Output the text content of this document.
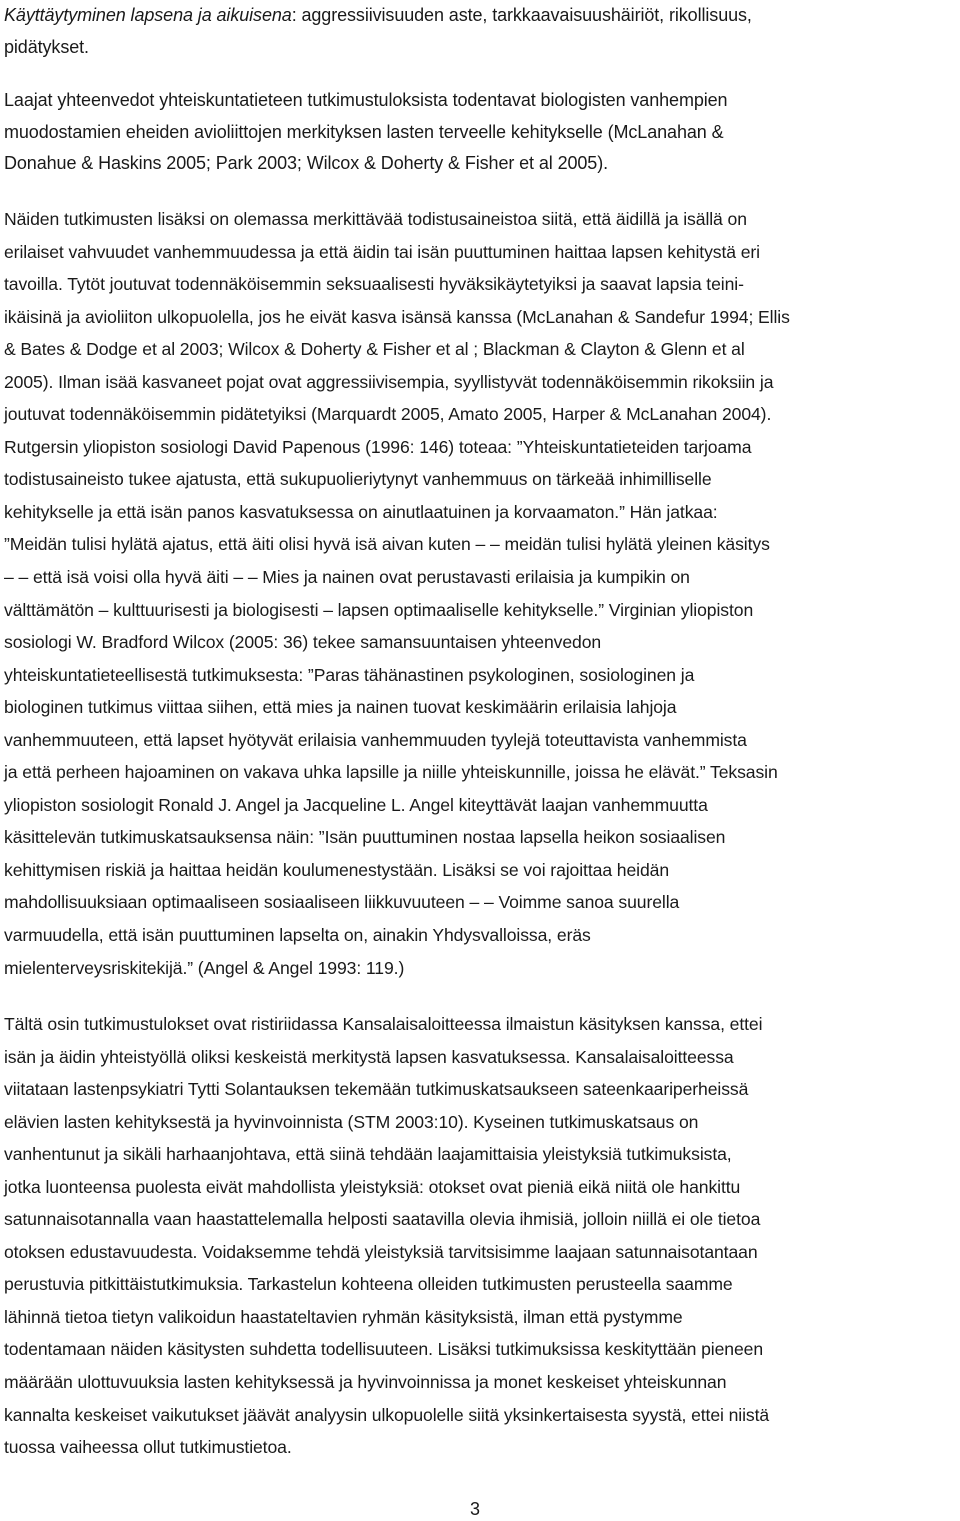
Käyttäytyminen lapsena ja aikuisena: aggressiivisuuden aste, tarkkaavaisuushäiriöt, rikollisuus,
pidätykset.
Laajat yhteenvedot yhteiskuntatieteen tutkimustuloksista todentavat biologisten vanhempien
muodostamien eheiden avioliittojen merkityksen lasten terveelle kehitykselle (McLanahan &
Donahue & Haskins 2005; Park 2003; Wilcox & Doherty & Fisher et al 2005).
Näiden tutkimusten lisäksi on olemassa merkittävää todistusaineistoa siitä, että äidillä ja isällä on
erilaiset vahvuudet vanhemmuudessa ja että äidin tai isän puuttuminen haittaa lapsen kehitystä eri
tavoilla. Tytöt joutuvat todennäköisemmin seksuaalisesti hyväksikäytetyiksi ja saavat lapsia teini-
ikäisinä ja avioliiton ulkopuolella, jos he eivät kasva isänsä kanssa (McLanahan & Sandefur 1994; Ellis
& Bates & Dodge et al 2003; Wilcox & Doherty & Fisher et al ; Blackman & Clayton & Glenn et al
2005). Ilman isää kasvaneet pojat ovat aggressiivisempia, syyllistyvät todennäköisemmin rikoksiin ja
joutuvat todennäköisemmin pidätetyiksi (Marquardt 2005, Amato 2005, Harper & McLanahan 2004).
Rutgersin yliopiston sosiologi David Papenous (1996: 146) toteaa: ”Yhteiskuntatieteiden tarjoama
todistusaineisto tukee ajatusta, että sukupuolieriytynyt vanhemmuus on tärkeää inhimilliselle
kehitykselle ja että isän panos kasvatuksessa on ainutlaatuinen ja korvaamaton.” Hän jatkaa:
”Meidän tulisi hylätä ajatus, että äiti olisi hyvä isä aivan kuten – – meidän tulisi hylätä yleinen käsitys
– – että isä voisi olla hyvä äiti – – Mies ja nainen ovat perustavasti erilaisia ja kumpikin on
välttämätön – kulttuurisesti ja biologisesti – lapsen optimaaliselle kehitykselle.” Virginian yliopiston
sosiologi W. Bradford Wilcox (2005: 36) tekee samansuuntaisen yhteenvedon
yhteiskuntatieteellisestä tutkimuksesta: ”Paras tähänastinen psykologinen, sosiologinen ja
biologinen tutkimus viittaa siihen, että mies ja nainen tuovat keskimäärin erilaisia lahjoja
vanhemmuuteen, että lapset hyötyvät erilaisia vanhemmuuden tyylejä toteuttavista vanhemmista
ja että perheen hajoaminen on vakava uhka lapsille ja niille yhteiskunnille, joissa he elävät.” Teksasin
yliopiston sosiologit Ronald J. Angel ja Jacqueline L. Angel kiteyttävät laajan vanhemmuutta
käsittelevän tutkimuskatsauksensa näin: ”Isän puuttuminen nostaa lapsella heikon sosiaalisen
kehittymisen riskiä ja haittaa heidän koulumenestystään. Lisäksi se voi rajoittaa heidän
mahdollisuuksiaan optimaaliseen sosiaaliseen liikkuvuuteen – – Voimme sanoa suurella
varmuudella, että isän puuttuminen lapselta on, ainakin Yhdysvalloissa, eräs
mielenterveysriskitekijä.” (Angel & Angel 1993: 119.)
Tältä osin tutkimustulokset ovat ristiriidassa Kansalaisaloitteessa ilmaistun käsityksen kanssa, ettei
isän ja äidin yhteistyöllä oliksi keskeistä merkitystä lapsen kasvatuksessa. Kansalaisaloitteessa
viitataan lastenpsykiatri Tytti Solantauksen tekemään tutkimuskatsaukseen sateenkaariperheissä
elävien lasten kehityksestä ja hyvinvoinnista (STM 2003:10). Kyseinen tutkimuskatsaus on
vanhentunut ja sikäli harhaanjohtava, että siinä tehdään laajamittaisia yleistyksiä tutkimuksista,
jotka luonteensa puolesta eivät mahdollista yleistyksiä: otokset ovat pieniä eikä niitä ole hankittu
satunnaisotannalla vaan haastattelemalla helposti saatavilla olevia ihmisiä, jolloin niillä ei ole tietoa
otoksen edustavuudesta. Voidaksemme tehdä yleistyksiä tarvitsisimme laajaan satunnaisotantaan
perustuvia pitkittäistutkimuksia. Tarkastelun kohteena olleiden tutkimusten perusteella saamme
lähinnä tietoa tietyn valikoidun haastateltavien ryhmän käsityksistä, ilman että pystymme
todentamaan näiden käsitysten suhdetta todellisuuteen. Lisäksi tutkimuksissa keskityttään pieneen
määrään ulottuvuuksia lasten kehityksessä ja hyvinvoinnissa ja monet keskeiset yhteiskunnan
kannalta keskeiset vaikutukset jäävät analyysin ulkopuolelle siitä yksinkertaisesta syystä, ettei niistä
tuossa vaiheessa ollut tutkimustietoa.
3
